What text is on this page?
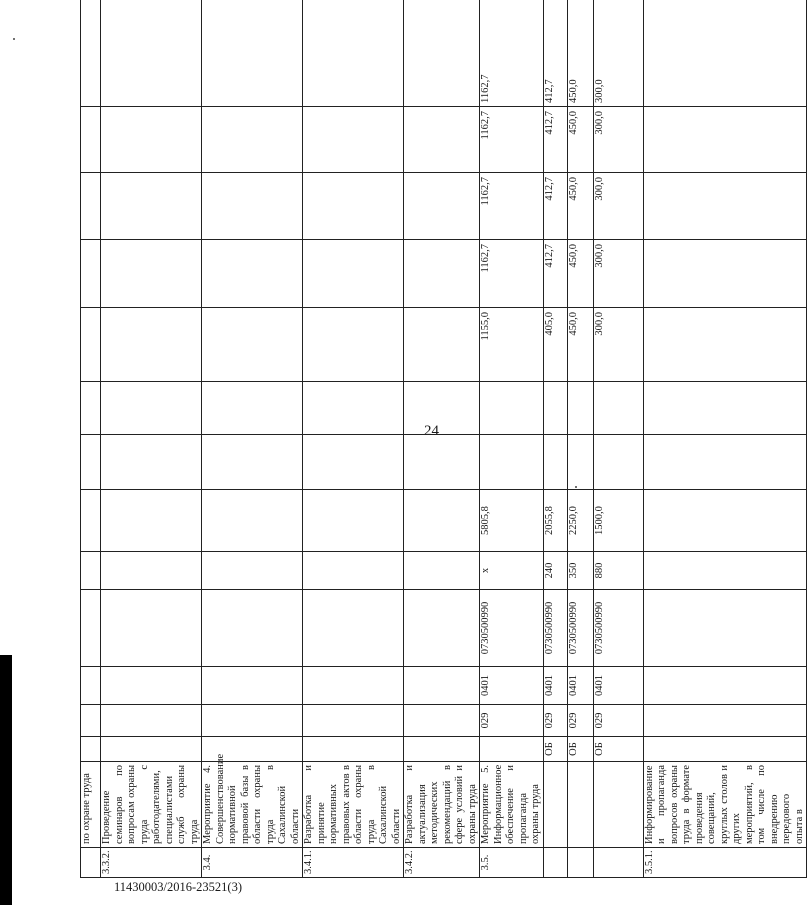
24
	по охране труда													
3.3.2.	Проведение семинаров по вопросам охраны труда с работодателями, специалистами служб охраны труда													
3.4.	Мероприятие 4. Совершенствование нормативной правовой базы в области охраны труда в Сахалинской области													
3.4.1.	Разработка и принятие нормативных правовых актов в области охраны труда в Сахалинской области													
3.4.2.	Разработка и актуализация методических рекомендаций в сфере условий и охраны труда													
3.5.	Мероприятие 5. Информационное обеспечение и пропаганда охраны труда		029	0401	0730500990	х	5805,8			1155,0	1162,7	1162,7	1162,7	1162,7
		ОБ	029	0401	0730500990	240	2055,8			405,0	412,7	412,7	412,7	412,7
		ОБ	029	0401	0730500990	350	2250,0			450,0	450,0	450,0	450,0	450,0
		ОБ	029	0401	0730500990	880	1500,0			300,0	300,0	300,0	300,0	300,0
3.5.1.	Информирование и пропаганда вопросов охраны труда в формате проведения совещаний, круглых столов и других мероприятий, в том числе по внедрению передового опыта в													
11430003/2016-23521(3)
